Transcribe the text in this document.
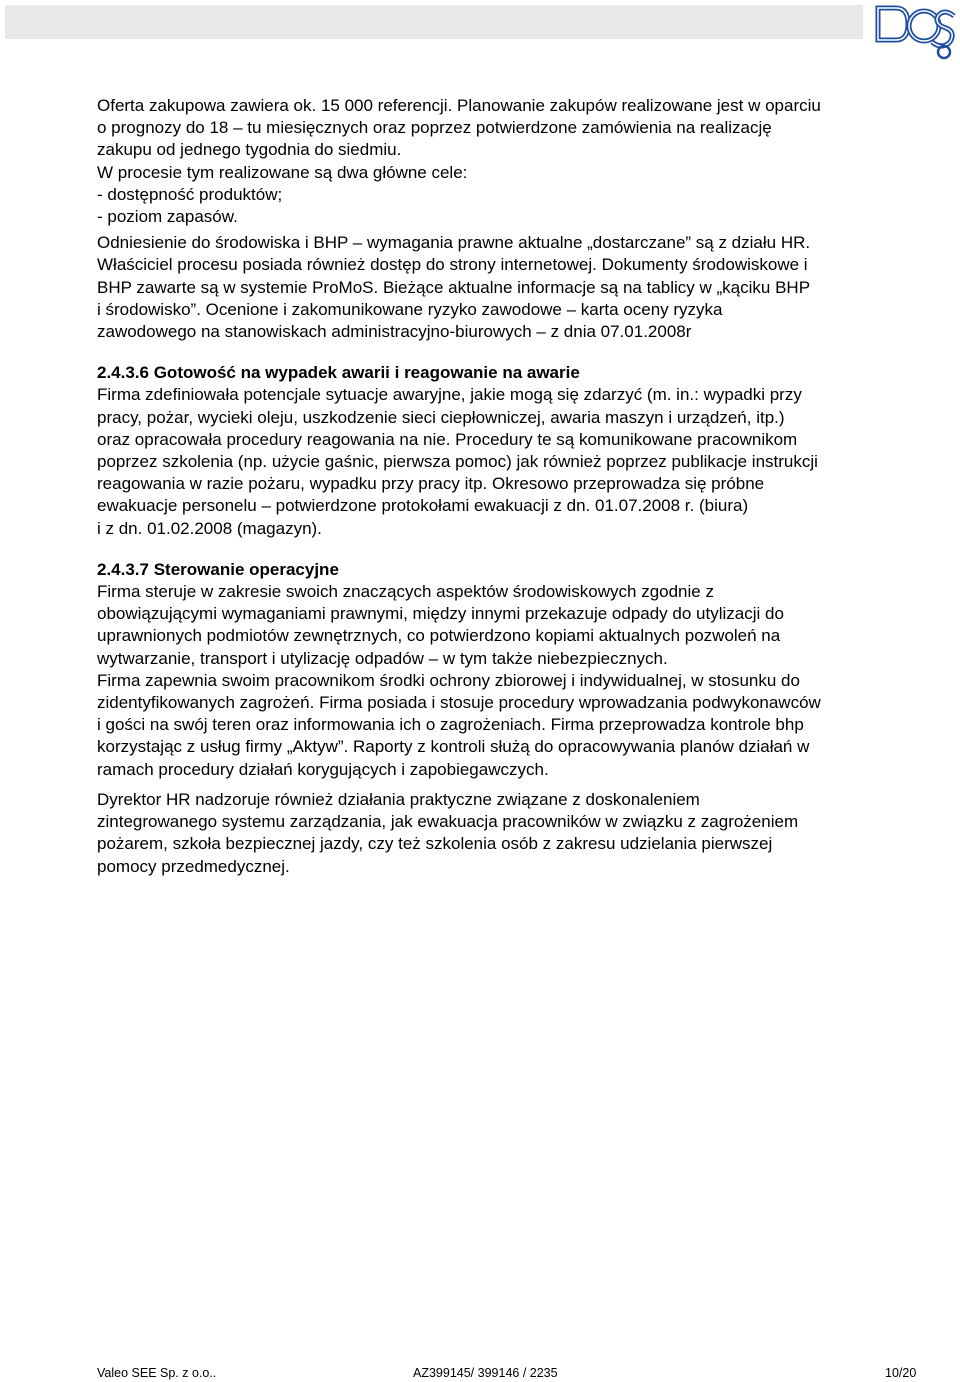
DQS
Oferta zakupowa zawiera ok. 15 000 referencji. Planowanie zakupów realizowane jest w oparciu
o prognozy do 18 – tu miesięcznych oraz poprzez potwierdzone zamówienia na realizację
zakupu od jednego tygodnia do siedmiu.
W procesie tym realizowane są dwa główne cele:
- dostępność produktów;
- poziom zapasów.
Odniesienie do środowiska i BHP – wymagania prawne aktualne „dostarczane” są z działu HR.
Właściciel procesu posiada również dostęp do strony internetowej. Dokumenty środowiskowe i
BHP zawarte są w systemie ProMoS. Bieżące aktualne informacje są na tablicy w „kąciku BHP
i środowisko”. Ocenione i zakomunikowane ryzyko zawodowe – karta oceny ryzyka
zawodowego na stanowiskach administracyjno-biurowych – z dnia 07.01.2008r
2.4.3.6 Gotowość na wypadek awarii i reagowanie na awarie
Firma zdefiniowała potencjale sytuacje awaryjne, jakie mogą się zdarzyć (m. in.: wypadki przy
pracy, pożar, wycieki oleju, uszkodzenie sieci ciepłowniczej, awaria maszyn i urządzeń, itp.)
oraz opracowała procedury reagowania na nie. Procedury te są komunikowane pracownikom
poprzez szkolenia (np. użycie gaśnic, pierwsza pomoc) jak również poprzez publikacje instrukcji
reagowania w razie pożaru, wypadku przy pracy itp. Okresowo przeprowadza się próbne
ewakuacje personelu – potwierdzone protokołami ewakuacji z dn. 01.07.2008 r. (biura)
i z dn. 01.02.2008 (magazyn).
2.4.3.7 Sterowanie operacyjne
Firma steruje w zakresie swoich znaczących aspektów środowiskowych zgodnie z
obowiązującymi wymaganiami prawnymi, między innymi przekazuje odpady do utylizacji do
uprawnionych podmiotów zewnętrznych, co potwierdzono kopiami aktualnych pozwoleń na
wytwarzanie, transport i utylizację odpadów – w tym także niebezpiecznych.
Firma zapewnia swoim pracownikom środki ochrony zbiorowej i indywidualnej, w stosunku do
zidentyfikowanych zagrożeń. Firma posiada i stosuje procedury wprowadzania podwykonawców
i gości na swój teren oraz informowania ich o zagrożeniach. Firma przeprowadza kontrole bhp
korzystając z usług firmy „Aktyw”. Raporty z kontroli służą do opracowywania planów działań w
ramach procedury działań korygujących i zapobiegawczych.
Dyrektor HR nadzoruje również działania praktyczne związane z doskonaleniem
zintegrowanego systemu zarządzania, jak ewakuacja pracowników w związku z zagrożeniem
pożarem, szkoła bezpiecznej jazdy, czy też szkolenia osób z zakresu udzielania pierwszej
pomocy przedmedycznej.
Valeo SEE Sp. z o.o..	AZ399145/ 399146 / 2235	10/20
